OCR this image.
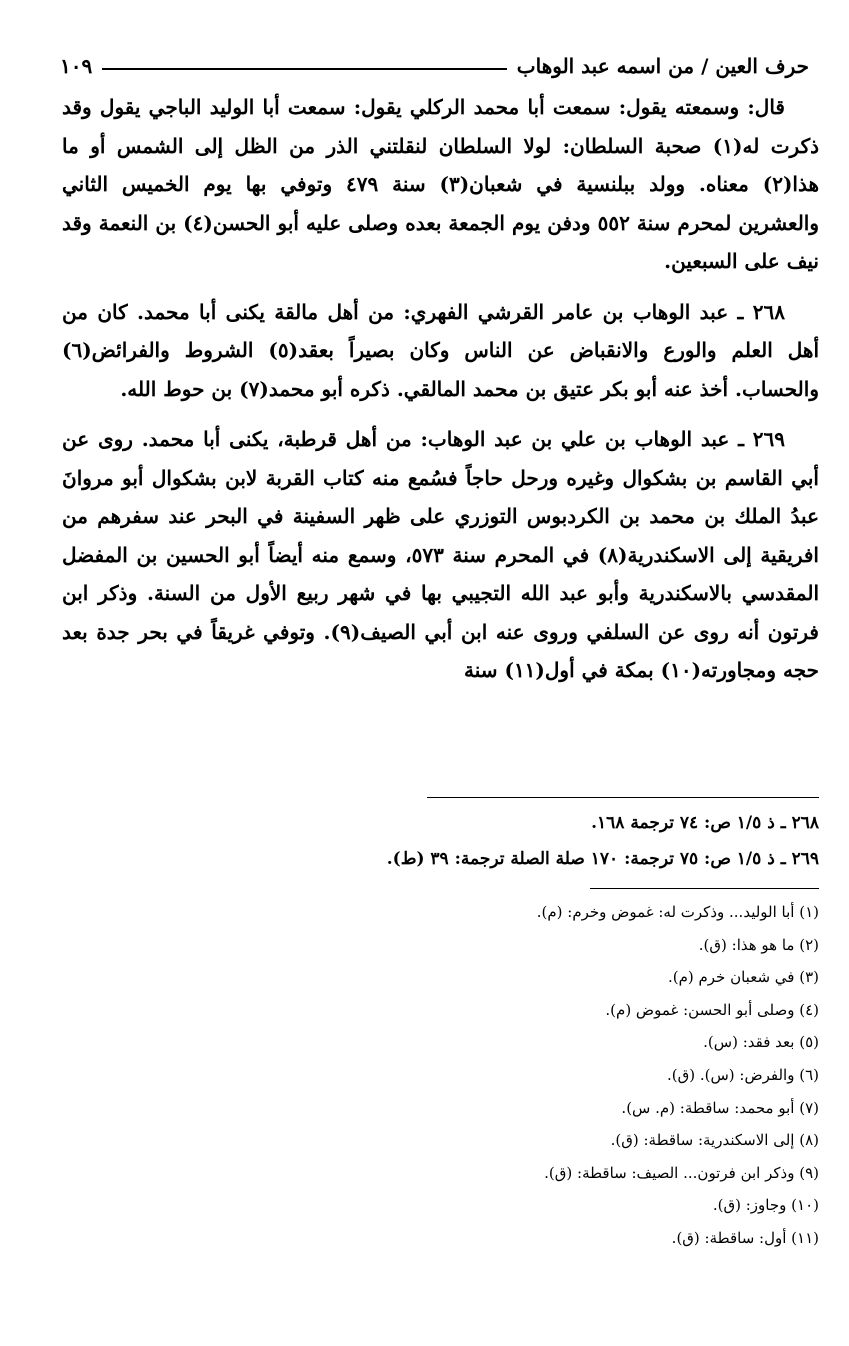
حرف العين / من اسمه عبد الوهاب
١٠٩

قال: وسمعته يقول: سمعت أبا محمد الركلي يقول: سمعت أبا الوليد الباجي يقول وقد ذكرت له(١) صحبة السلطان: لولا السلطان لنقلتني الذر من الظل إلى الشمس أو ما هذا(٢) معناه. وولد ببلنسية في شعبان(٣) سنة ٤٧٩ وتوفي بها يوم الخميس الثاني والعشرين لمحرم سنة ٥٥٢ ودفن يوم الجمعة بعده وصلى عليه أبو الحسن(٤) بن النعمة وقد نيف على السبعين.

٢٦٨ ـ عبد الوهاب بن عامر القرشي الفهري: من أهل مالقة يكنى أبا محمد. كان من أهل العلم والورع والانقباض عن الناس وكان بصيراً بعقد(٥) الشروط والفرائض(٦) والحساب. أخذ عنه أبو بكر عتيق بن محمد المالقي. ذكره أبو محمد(٧) بن حوط الله.

٢٦٩ ـ عبد الوهاب بن علي بن عبد الوهاب: من أهل قرطبة، يكنى أبا محمد. روى عن أبي القاسم بن بشكوال وغيره ورحل حاجاً فسُمع منه كتاب القربة لابن بشكوال أبو مروانَ عبدُ الملك بن محمد بن الكردبوس التوزري على ظهر السفينة في البحر عند سفرهم من افريقية إلى الاسكندرية(٨) في المحرم سنة ٥٧٣، وسمع منه أيضاً أبو الحسين بن المفضل المقدسي بالاسكندرية وأبو عبد الله التجيبي بها في شهر ربيع الأول من السنة. وذكر ابن فرتون أنه روى عن السلفي وروى عنه ابن أبي الصيف(٩). وتوفي غريقاً في بحر جدة بعد حجه ومجاورته(١٠) بمكة في أول(١١) سنة

٢٦٨ ـ ذ ١/٥ ص: ٧٤ ترجمة ١٦٨.
٢٦٩ ـ ذ ١/٥ ص: ٧٥ ترجمة: ١٧٠ صلة الصلة ترجمة: ٣٩ (ط).
(١) أبا الوليد... وذكرت له: غموض وخرم: (م).
(٢) ما هو هذا: (ق).
(٣) في شعبان خرم (م).
(٤) وصلى أبو الحسن: غموض (م).
(٥) بعد فقد: (س).
(٦) والفرض: (س). (ق).
(٧) أبو محمد: ساقطة: (م. س).
(٨) إلى الاسكندرية: ساقطة: (ق).
(٩) وذكر ابن فرتون... الصيف: ساقطة: (ق).
(١٠) وجاوز: (ق).
(١١) أول: ساقطة: (ق).
